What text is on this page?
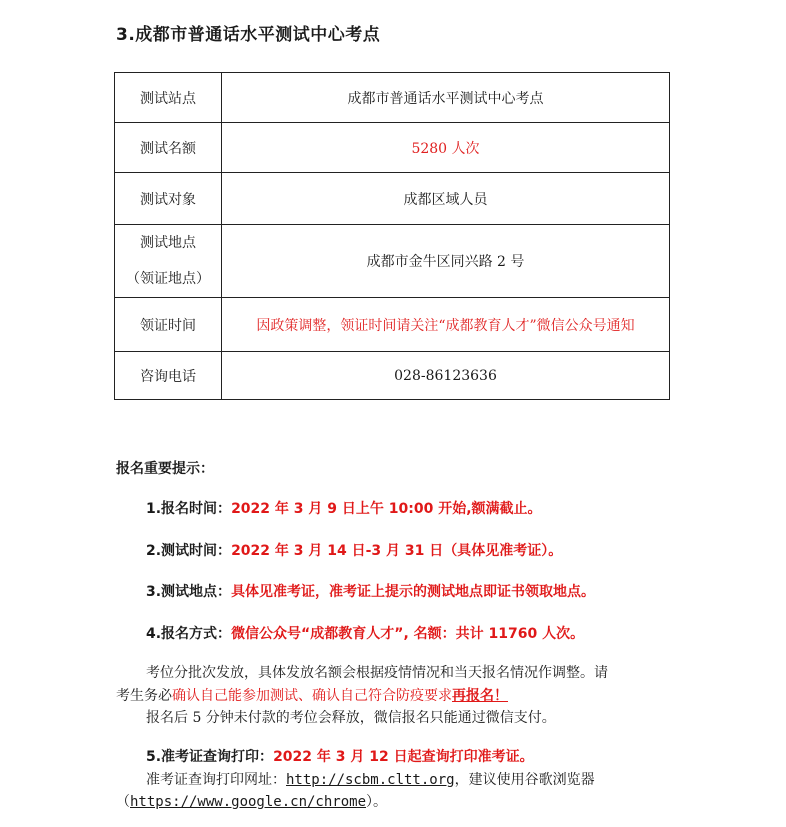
3.成都市普通话水平测试中心考点
测试站点	成都市普通话水平测试中心考点
测试名额	5280 人次
测试对象	成都区域人员

测试地点
（领证地点）	成都市金牛区同兴路 2 号
领证时间	因政策调整，领证时间请关注“成都教育人才”微信公众号通知
咨询电话	028-86123636
报名重要提示：
1.报名时间：2022 年 3 月 9 日上午 10:00 开始,额满截止。
2.测试时间：2022 年 3 月 14 日-3 月 31 日（具体见准考证）。
3.测试地点：具体见准考证，准考证上提示的测试地点即证书领取地点。
4.报名方式：微信公众号“成都教育人才”, 名额：共计 11760 人次。
考位分批次发放，具体发放名额会根据疫情情况和当天报名情况作调整。请
考生务必确认自己能参加测试、确认自己符合防疫要求再报名！
报名后 5 分钟未付款的考位会释放，微信报名只能通过微信支付。
5.准考证查询打印：2022 年 3 月 12 日起查询打印准考证。
准考证查询打印网址：http://scbm.cltt.org，建议使用谷歌浏览器
（https://www.google.cn/chrome）。
